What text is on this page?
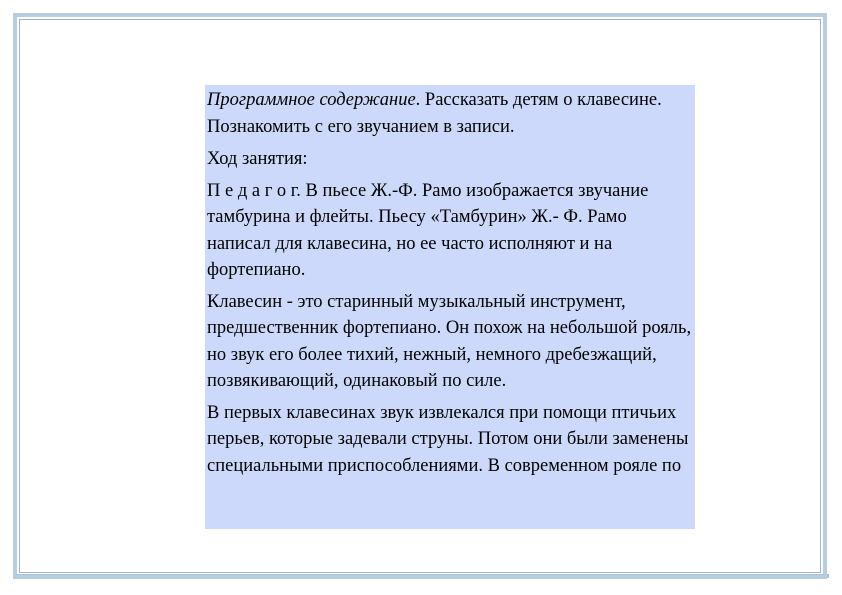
Программное содержание. Рассказать детям о клавесине. Познакомить с его звучанием в записи.

Ход занятия:

П е д а г о г. В пьесе Ж.-Ф. Рамо изображается звучание тамбурина и флейты. Пьесу «Тамбурин» Ж.- Ф. Рамо написал для клавесина, но ее часто исполняют и на фортепиано.

Клавесин - это старинный музыкальный инструмент, предшественник фортепиано. Он похож на небольшой рояль, но звук его более тихий, нежный, немного дребезжащий, позвякивающий, одинаковый по силе.

В первых клавесинах звук извлекался при помощи птичьих перьев, которые задевали струны. Потом они были заменены специальными приспособлениями. В современном рояле по
